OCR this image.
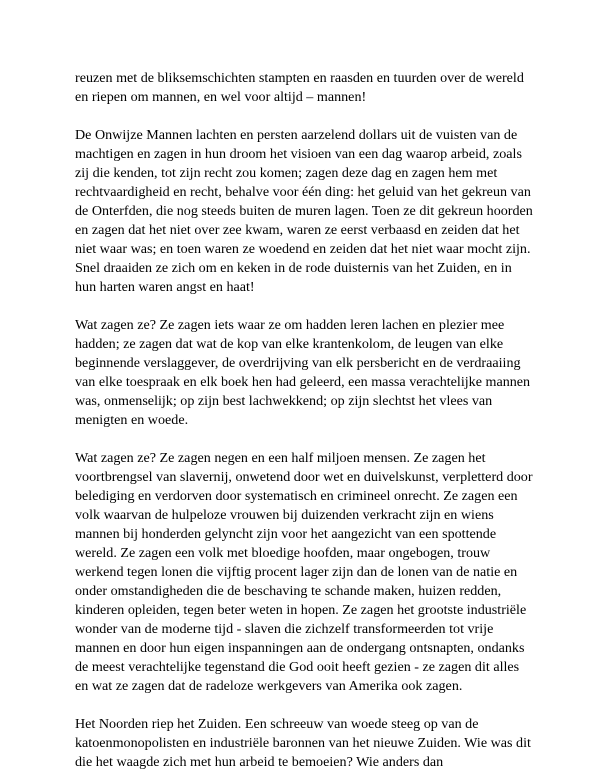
reuzen met de bliksemschichten stampten en raasden en tuurden over de wereld en riepen om mannen, en wel voor altijd – mannen!

De Onwijze Mannen lachten en persten aarzelend dollars uit de vuisten van de machtigen en zagen in hun droom het visioen van een dag waarop arbeid, zoals zij die kenden, tot zijn recht zou komen; zagen deze dag en zagen hem met rechtvaardigheid en recht, behalve voor één ding: het geluid van het gekreun van de Onterfden, die nog steeds buiten de muren lagen. Toen ze dit gekreun hoorden en zagen dat het niet over zee kwam, waren ze eerst verbaasd en zeiden dat het niet waar was; en toen waren ze woedend en zeiden dat het niet waar mocht zijn. Snel draaiden ze zich om en keken in de rode duisternis van het Zuiden, en in hun harten waren angst en haat!

Wat zagen ze? Ze zagen iets waar ze om hadden leren lachen en plezier mee hadden; ze zagen dat wat de kop van elke krantenkolom, de leugen van elke beginnende verslaggever, de overdrijving van elk persbericht en de verdraaiing van elke toespraak en elk boek hen had geleerd, een massa verachtelijke mannen was, onmenselijk; op zijn best lachwekkend; op zijn slechtst het vlees van menigten en woede.

Wat zagen ze? Ze zagen negen en een half miljoen mensen. Ze zagen het voortbrengsel van slavernij, onwetend door wet en duivelskunst, verpletterd door belediging en verdorven door systematisch en crimineel onrecht. Ze zagen een volk waarvan de hulpeloze vrouwen bij duizenden verkracht zijn en wiens mannen bij honderden gelyncht zijn voor het aangezicht van een spottende wereld. Ze zagen een volk met bloedige hoofden, maar ongebogen, trouw werkend tegen lonen die vijftig procent lager zijn dan de lonen van de natie en onder omstandigheden die de beschaving te schande maken, huizen redden, kinderen opleiden, tegen beter weten in hopen. Ze zagen het grootste industriële wonder van de moderne tijd - slaven die zichzelf transformeerden tot vrije mannen en door hun eigen inspanningen aan de ondergang ontsnapten, ondanks de meest verachtelijke tegenstand die God ooit heeft gezien - ze zagen dit alles en wat ze zagen dat de radeloze werkgevers van Amerika ook zagen.

Het Noorden riep het Zuiden. Een schreeuw van woede steeg op van de katoenmonopolisten en industriële baronnen van het nieuwe Zuiden. Wie was dit die het waagde zich met hun arbeid te bemoeien? Wie anders dan
